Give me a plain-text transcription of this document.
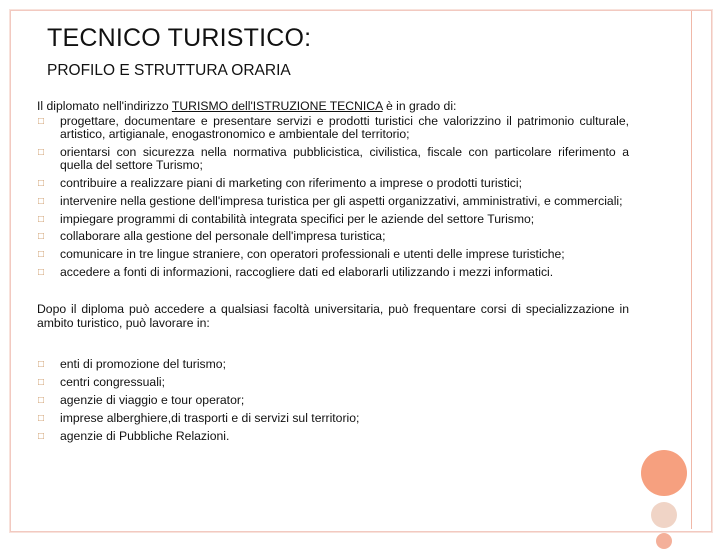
TECNICO TURISTICO:
PROFILO E STRUTTURA ORARIA

Il diplomato nell'indirizzo TURISMO dell'ISTRUZIONE TECNICA è in grado di:

□	progettare, documentare e presentare servizi e prodotti turistici che valorizzino il patrimonio culturale, artistico, artigianale, enogastronomico e ambientale del territorio;
□	orientarsi con sicurezza nella normativa pubblicistica, civilistica, fiscale con particolare riferimento a quella del settore Turismo;
□	contribuire a realizzare piani di marketing con riferimento a imprese o prodotti turistici;
□	intervenire nella gestione dell'impresa turistica per gli aspetti organizzativi, amministrativi, e commerciali;
□	impiegare programmi di contabilità integrata specifici per le aziende del settore Turismo;
□	collaborare alla gestione del personale dell'impresa turistica;
□	comunicare in tre lingue straniere, con operatori professionali e utenti delle imprese turistiche;
□	accedere a fonti di informazioni, raccogliere dati ed elaborarli utilizzando i mezzi informatici.

Dopo il diploma può accedere a qualsiasi facoltà universitaria, può frequentare corsi di specializzazione in ambito turistico, può lavorare in:

□	enti di promozione del turismo;
□	centri congressuali;
□	agenzie di viaggio e tour operator;
□	imprese alberghiere,di trasporti e di servizi sul territorio;
□	agenzie di Pubbliche Relazioni.
